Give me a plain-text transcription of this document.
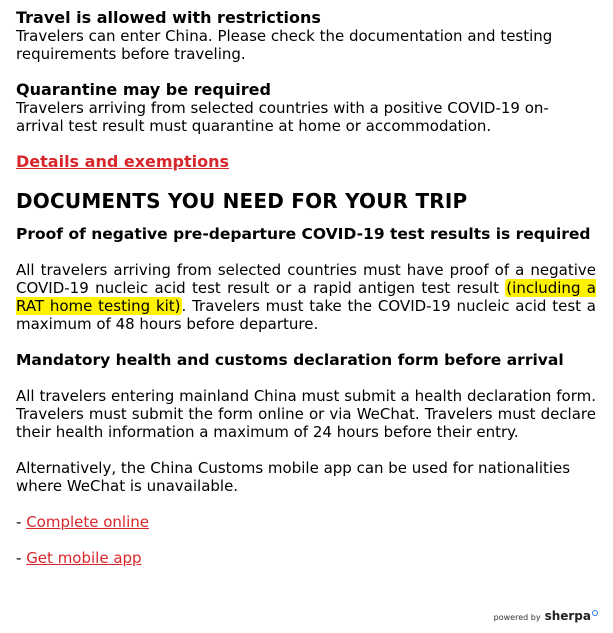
Travel is allowed with restrictions

Travelers can enter China. Please check the documentation and testing requirements before traveling.

Quarantine may be required

Travelers arriving from selected countries with a positive COVID-19 on-arrival test result must quarantine at home or accommodation.

Details and exemptions
DOCUMENTS YOU NEED FOR YOUR TRIP

Proof of negative pre-departure COVID-19 test results is required

All travelers arriving from selected countries must have proof of a negative COVID-19 nucleic acid test result or a rapid antigen test result (including a RAT home testing kit). Travelers must take the COVID-19 nucleic acid test a maximum of 48 hours before departure.

Mandatory health and customs declaration form before arrival

All travelers entering mainland China must submit a health declaration form. Travelers must submit the form online or via WeChat. Travelers must declare their health information a maximum of 24 hours before their entry.

Alternatively, the China Customs mobile app can be used for nationalities where WeChat is unavailable.

- Complete online

- Get mobile app

powered by sherpa
